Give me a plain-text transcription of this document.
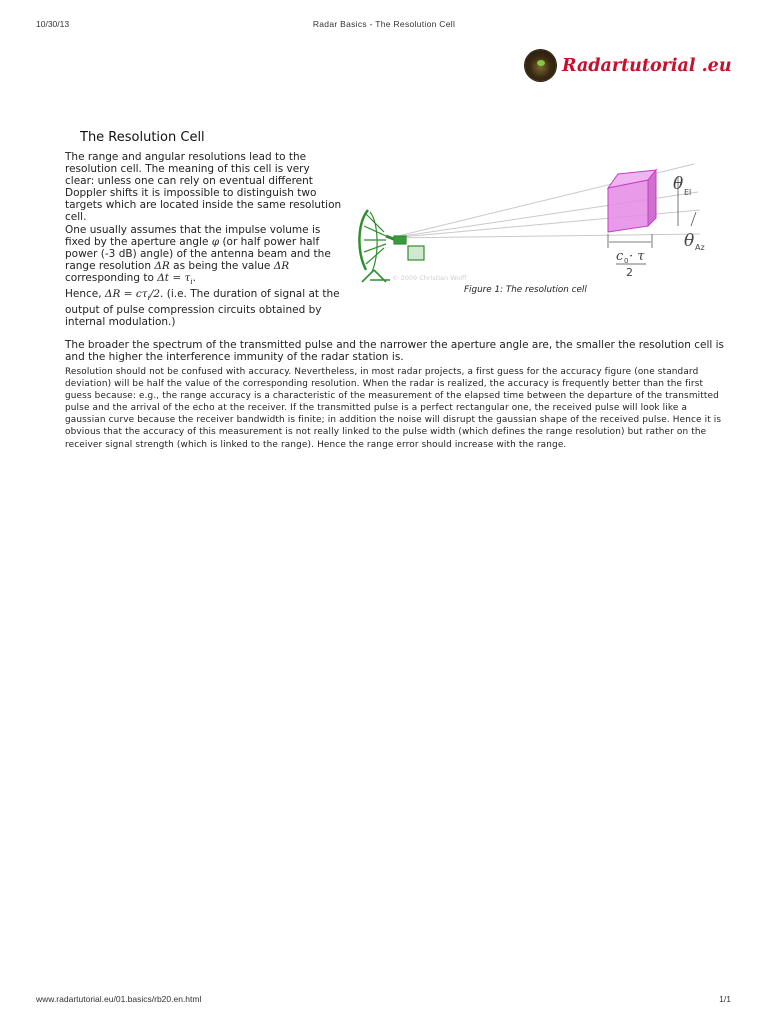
10/30/13	Radar Basics - The Resolution Cell
Radartutorial .eu
The Resolution Cell

The range and angular resolutions lead to the resolution cell. The meaning of this cell is very clear: unless one can rely on eventual different Doppler shifts it is impossible to distinguish two targets which are located inside the same resolution cell.

One usually assumes that the impulse volume is fixed by the aperture angle φ (or half power half power (-3 dB) angle) of the antenna beam and the range resolution ΔR as being the value ΔR corresponding to $\Delta t = \tau_i$.

Hence, $\Delta R = c\tau_i/2$. (i.e. The duration of signal at the output of pulse compression circuits obtained by internal modulation.)

The broader the spectrum of the transmitted pulse and the narrower the aperture angle are, the smaller the resolution cell is and the higher the interference immunity of the radar station is.

Resolution should not be confused with accuracy. Nevertheless, in most radar projects, a first guess for the accuracy figure (one standard deviation) will be half the value of the corresponding resolution. When the radar is realized, the accuracy is frequently better than the first guess because: e.g., the range accuracy is a characteristic of the measurement of the elapsed time between the departure of the transmitted pulse and the arrival of the echo at the receiver. If the transmitted pulse is a perfect rectangular one, the received pulse will look like a gaussian curve because the receiver bandwidth is finite; in addition the noise will disrupt the gaussian shape of the received pulse. Hence it is obvious that the accuracy of this measurement is not really linked to the pulse width (which defines the range resolution) but rather on the receiver signal strength (which is linked to the range). Hence the range error should increase with the range.

© 2009 Christian Wolff
θ El
θ Az
c 0 · τ
2
Figure 1: The resolution cell
www.radartutorial.eu/01.basics/rb20.en.html	1/1
